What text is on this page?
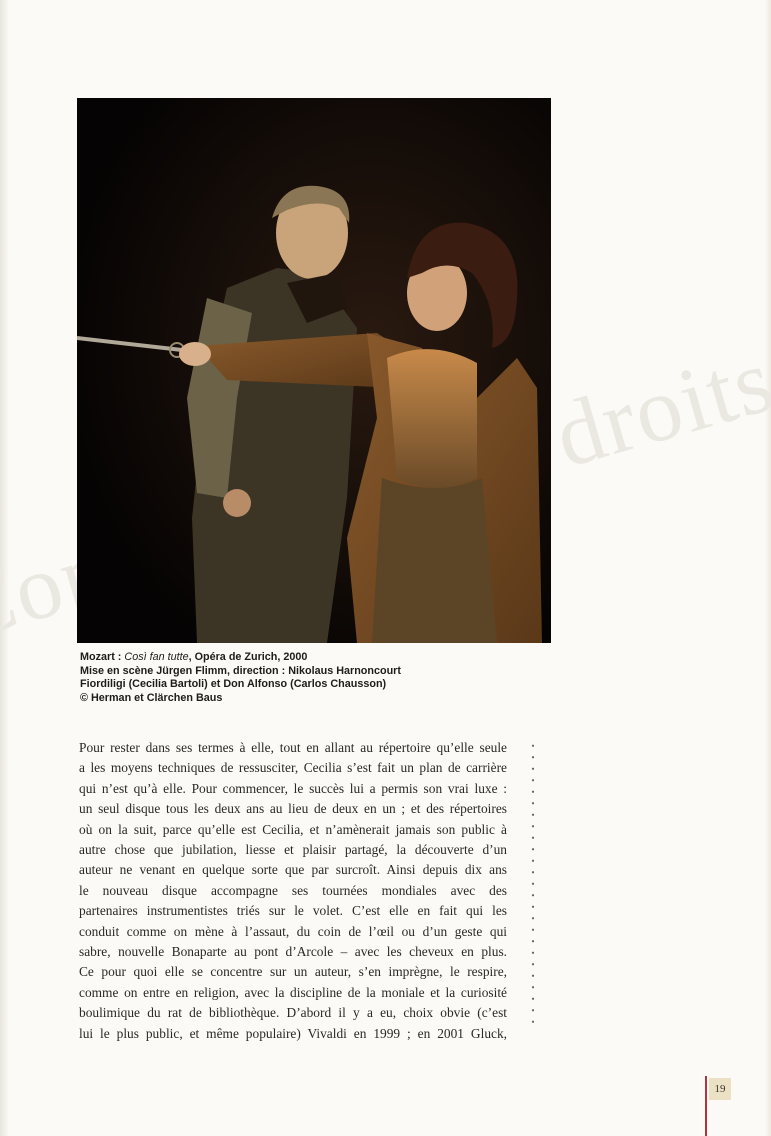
droits
Mozart : Così fan tutte, Opéra de Zurich, 2000
Mise en scène Jürgen Flimm, direction : Nikolaus Harnoncourt
Fiordiligi (Cecilia Bartoli) et Don Alfonso (Carlos Chausson)
© Herman et Clärchen Baus

Pour rester dans ses termes à elle, tout en allant au répertoire qu’elle seule

a les moyens techniques de ressusciter, Cecilia s’est fait un plan de carrière

qui n’est qu’à elle. Pour commencer, le succès lui a permis son vrai luxe :

un seul disque tous les deux ans au lieu de deux en un ; et des répertoires

où on la suit, parce qu’elle est Cecilia, et n’amènerait jamais son public à

autre chose que jubilation, liesse et plaisir partagé, la découverte d’un

auteur ne venant en quelque sorte que par surcroît. Ainsi depuis dix ans

le nouveau disque accompagne ses tournées mondiales avec des

partenaires instrumentistes triés sur le volet. C’est elle en fait qui les

conduit comme on mène à l’assaut, du coin de l’œil ou d’un geste qui

sabre, nouvelle Bonaparte au pont d’Arcole – avec les cheveux en plus.

Ce pour quoi elle se concentre sur un auteur, s’en imprègne, le respire,

comme on entre en religion, avec la discipline de la moniale et la curiosité

boulimique du rat de bibliothèque. D’abord il y a eu, choix obvie (c’est

lui le plus public, et même populaire) Vivaldi en 1999 ; en 2001 Gluck,

19
